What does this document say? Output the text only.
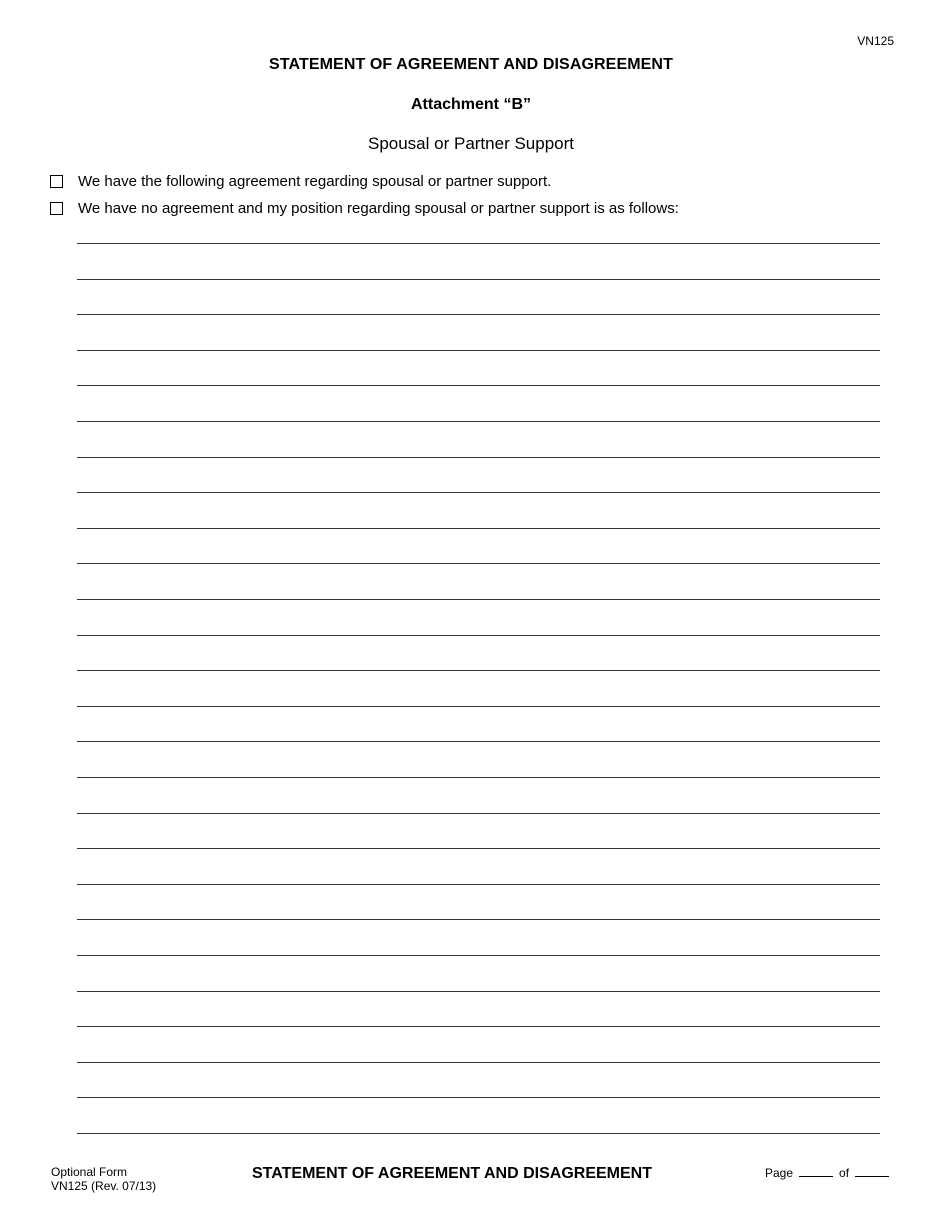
VN125
STATEMENT OF AGREEMENT AND DISAGREEMENT
Attachment “B”
Spousal or Partner Support
We have the following agreement regarding spousal or partner support.
We have no agreement and my position regarding spousal or partner support is as follows:
Optional Form
VN125 (Rev. 07/13)
STATEMENT OF AGREEMENT AND DISAGREEMENT	Page	of
